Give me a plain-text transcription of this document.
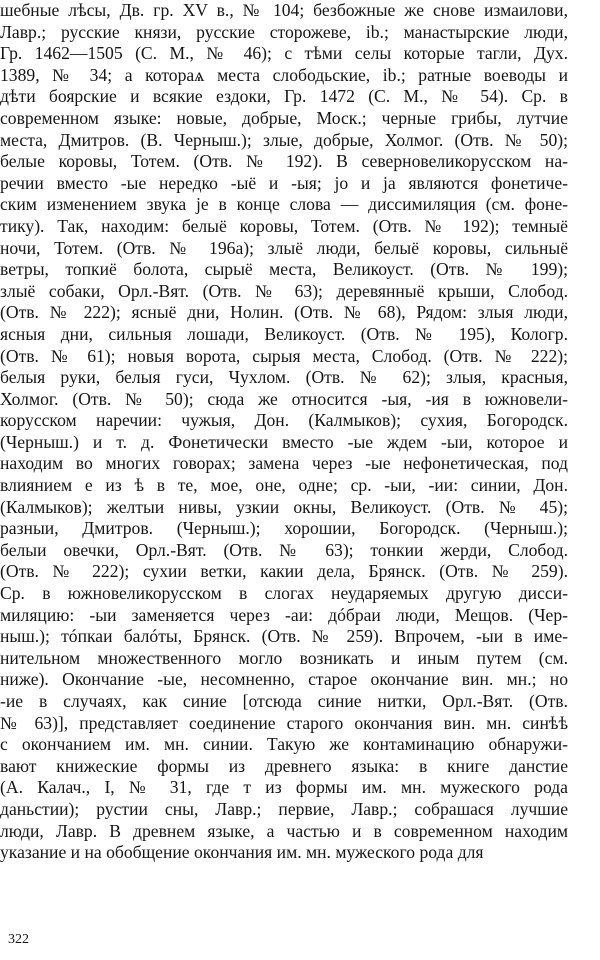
шебные лѣсы, Дв. гр. XV в., № 104; безбожные же снове измаилови,
Лавр.; русские князи, русские сторожеве, ib.; манастырские люди,
Гр. 1462—1505 (С. М., № 46); с тѣми селы которые тагли, Дух.
1389, № 34; а котораѧ места слободьские, ib.; ратные воеводы и
дѣти боярские и всякие ездоки, Гр. 1472 (С. М., № 54). Ср. в
современном языке: новые, добрые, Моск.; черные грибы, лутчие
места, Дмитров. (В. Черныш.); злые, добрые, Холмог. (Отв. № 50);
белые коровы, Тотем. (Отв. № 192). В северновеликорусском на-
речии вместо -ые нередко -ыё и -ыя; jo и ja являются фонетиче-
ским изменением звука je в конце слова — диссимиляция (см. фоне-
тику). Так, находим: белыё коровы, Тотем. (Отв. № 192); темныё
ночи, Тотем. (Отв. № 196а); злыё люди, белыё коровы, сильныё
ветры, топкиё болота, сырыё места, Великоуст. (Отв. № 199);
злыё собаки, Орл.-Вят. (Отв. № 63); деревянныё крыши, Слобод.
(Отв. № 222); ясныё дни, Нолин. (Отв. № 68), Рядом: злыя люди,
ясныя дни, сильныя лошади, Великоуст. (Отв. № 195), Кологр.
(Отв. № 61); новыя ворота, сырыя места, Слобод. (Отв. № 222);
белыя руки, белыя гуси, Чухлом. (Отв. № 62); злыя, красныя,
Холмог. (Отв. № 50); сюда же относится -ыя, -ия в южновели-
корусском наречии: чужыя, Дон. (Калмыков); сухия, Богородск.
(Черныш.) и т. д. Фонетически вместо -ые ждем -ыи, которое и
находим во многих говорах; замена через -ые нефонетическая, под
влиянием е из ѣ в те, мое, оне, одне; ср. -ыи, -ии: синии, Дон.
(Калмыков); желтыи нивы, узкии окны, Великоуст. (Отв. № 45);
разныи, Дмитров. (Черныш.); хорошии, Богородск. (Черныш.);
белыи овечки, Орл.-Вят. (Отв. № 63); тонкии жерди, Слобод.
(Отв. № 222); сухии ветки, какии дела, Брянск. (Отв. № 259).
Ср. в южновеликорусском в слогах неударяемых другую дисси-
миляцию: -ыи заменяется через -аи: дóбраи люди, Мещов. (Чер-
ныш.); тóпкаи балóты, Брянск. (Отв. № 259). Впрочем, -ыи в име-
нительном множественного могло возникать и иным путем (см.
ниже). Окончание -ые, несомненно, старое окончание вин. мн.; но
-ие в случаях, как синие [отсюда синие нитки, Орл.-Вят. (Отв.
№ 63)], представляет соединение старого окончания вин. мн. синѣѣ
с окончанием им. мн. синии. Такую же контаминацию обнаружи-
вают книжеские формы из древнего языка: в книге данстие
(А. Калач., I, № 31, где т из формы им. мн. мужеского рода
даньстии); рустии сны, Лавр.; первие, Лавр.; собрашася лучшие
люди, Лавр. В древнем языке, а частью и в современном находим
указание и на обобщение окончания им. мн. мужеского рода для
322
